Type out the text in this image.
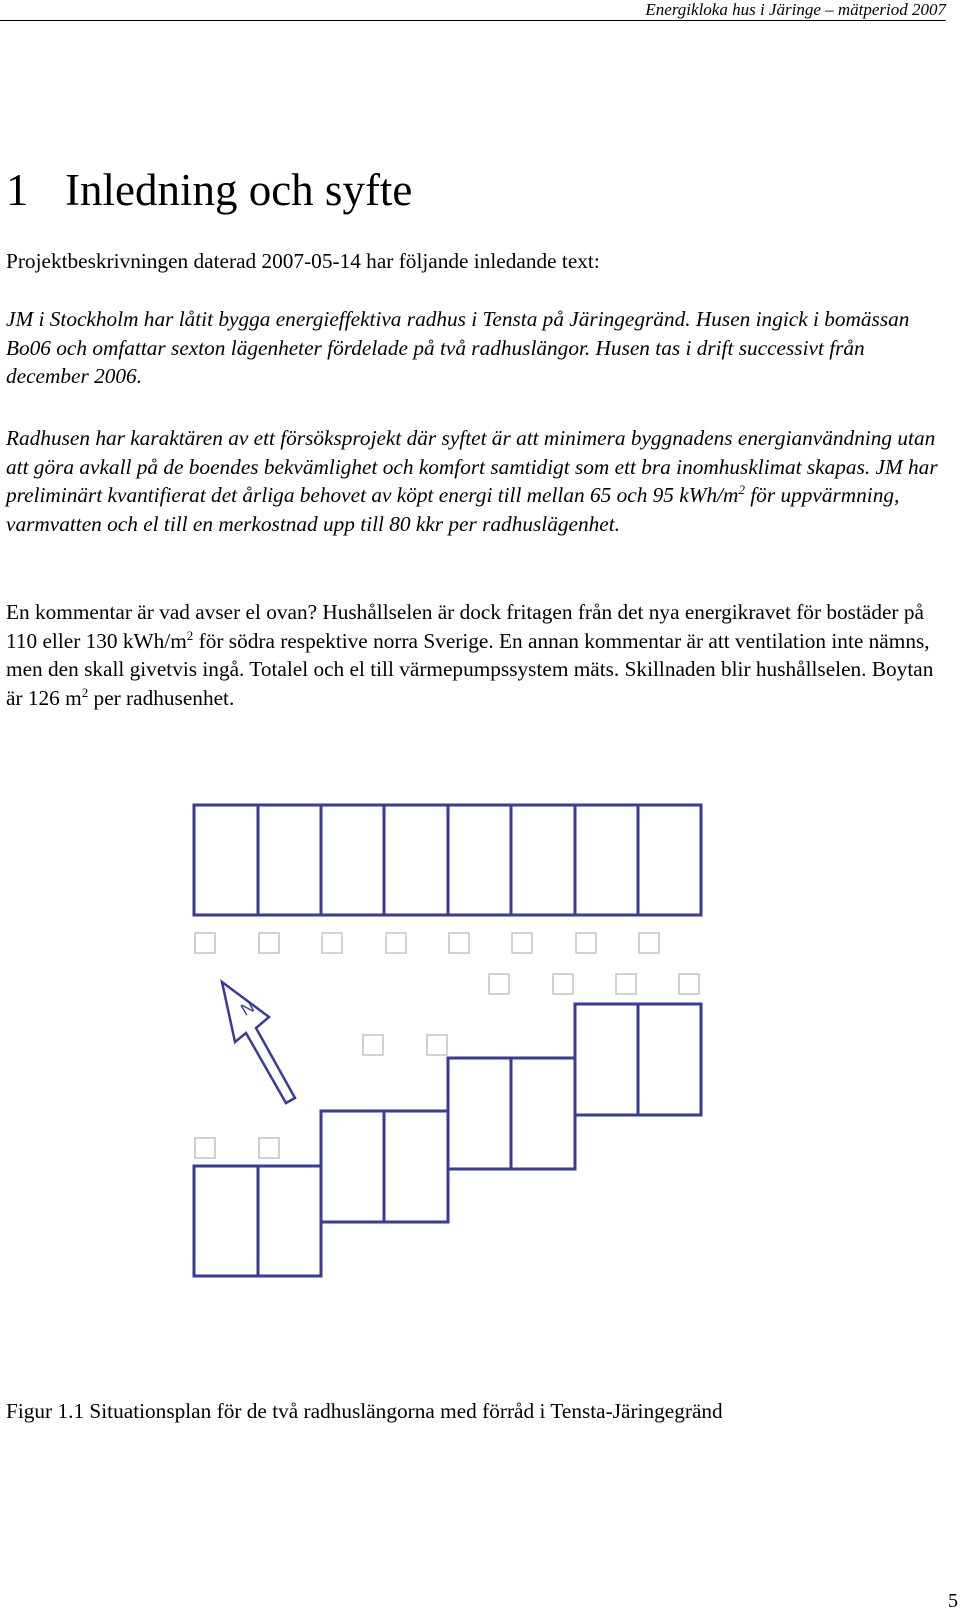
Energikloka hus i Järinge – mätperiod 2007
1 Inledning och syfte

Projektbeskrivningen daterad 2007-05-14 har följande inledande text:

JM i Stockholm har låtit bygga energieffektiva radhus i Tensta på Järingegränd. Husen ingick i bomässan Bo06 och omfattar sexton lägenheter fördelade på två radhuslängor. Husen tas i drift successivt från december 2006.

Radhusen har karaktären av ett försöksprojekt där syftet är att minimera byggnadens energianvändning utan att göra avkall på de boendes bekvämlighet och komfort samtidigt som ett bra inomhusklimat skapas. JM har preliminärt kvantifierat det årliga behovet av köpt energi till mellan 65 och 95 kWh/$m^2$ för uppvärmning, varmvatten och el till en merkostnad upp till 80 kkr per radhuslägenhet.

En kommentar är vad avser el ovan? Hushållselen är dock fritagen från det nya energikravet för bostäder på 110 eller 130 kWh/$m^2$ för södra respektive norra Sverige. En annan kommentar är att ventilation inte nämns, men den skall givetvis ingå. Totalel och el till värmepumpssystem mäts. Skillnaden blir hushållselen. Boytan är 126 $m^2$ per radhusenhet.

N

Figur 1.1 Situationsplan för de två radhuslängorna med förråd i Tensta-Järingegränd

5
